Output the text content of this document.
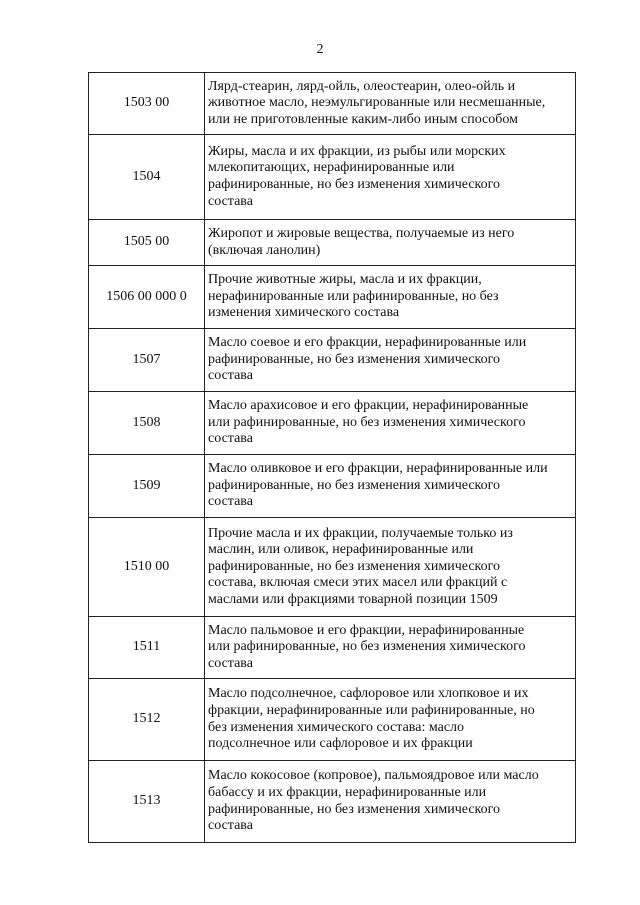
2
1503 00	Лярд-стеарин, лярд-ойль, олеостеарин, олео-ойль и
животное масло, неэмульгированные или несмешанные,
или не приготовленные каким-либо иным способом

1504	Жиры, масла и их фракции, из рыбы или морских
млекопитающих, нерафинированные или
рафинированные, но без изменения химического
состава

1505 00	Жиропот и жировые вещества, получаемые из него
(включая ланолин)

1506 00 000 0	Прочие животные жиры, масла и их фракции,
нерафинированные или рафинированные, но без
изменения химического состава

1507	Масло соевое и его фракции, нерафинированные или
рафинированные, но без изменения химического
состава

1508	Масло арахисовое и его фракции, нерафинированные
или рафинированные, но без изменения химического
состава

1509	Масло оливковое и его фракции, нерафинированные или
рафинированные, но без изменения химического
состава

1510 00	Прочие масла и их фракции, получаемые только из
маслин, или оливок, нерафинированные или
рафинированные, но без изменения химического
состава, включая смеси этих масел или фракций с
маслами или фракциями товарной позиции 1509

1511	Масло пальмовое и его фракции, нерафинированные
или рафинированные, но без изменения химического
состава

1512	Масло подсолнечное, сафлоровое или хлопковое и их
фракции, нерафинированные или рафинированные, но
без изменения химического состава: масло
подсолнечное или сафлоровое и их фракции

1513	Масло кокосовое (копровое), пальмоядровое или масло
бабассу и их фракции, нерафинированные или
рафинированные, но без изменения химического
состава
